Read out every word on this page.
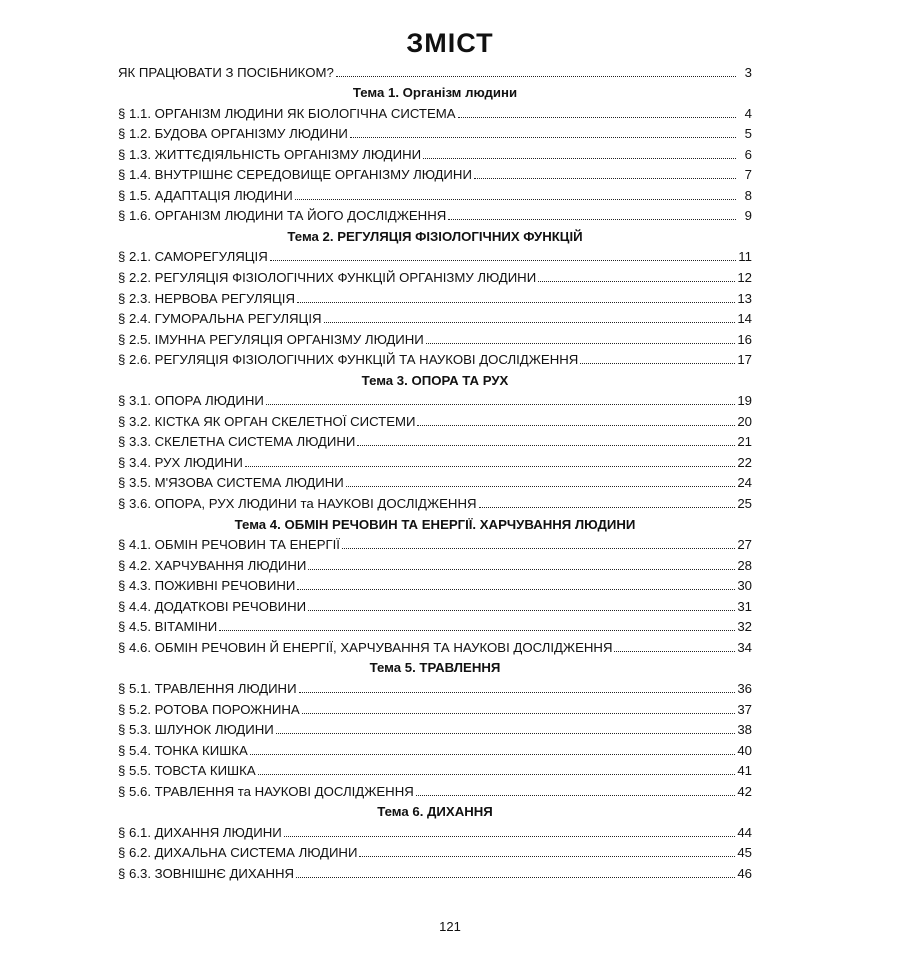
ЗМІСТ
ЯК ПРАЦЮВАТИ З ПОСІБНИКОМ?	3
Тема 1. Організм людини
§ 1.1. ОРГАНІЗМ ЛЮДИНИ ЯК БІОЛОГІЧНА СИСТЕМА	4
§ 1.2. БУДОВА ОРГАНІЗМУ ЛЮДИНИ	5
§ 1.3. ЖИТТЄДІЯЛЬНІСТЬ ОРГАНІЗМУ ЛЮДИНИ	6
§ 1.4. ВНУТРІШНЄ СЕРЕДОВИЩЕ ОРГАНІЗМУ ЛЮДИНИ	7
§ 1.5. АДАПТАЦІЯ ЛЮДИНИ	8
§ 1.6. ОРГАНІЗМ ЛЮДИНИ ТА ЙОГО ДОСЛІДЖЕННЯ	9
Тема 2. РЕГУЛЯЦІЯ ФІЗІОЛОГІЧНИХ ФУНКЦІЙ
§ 2.1. САМОРЕГУЛЯЦІЯ	11
§ 2.2. РЕГУЛЯЦІЯ ФІЗІОЛОГІЧНИХ ФУНКЦІЙ ОРГАНІЗМУ ЛЮДИНИ	12
§ 2.3. НЕРВОВА РЕГУЛЯЦІЯ	13
§ 2.4. ГУМОРАЛЬНА РЕГУЛЯЦІЯ	14
§ 2.5. ІМУННА РЕГУЛЯЦІЯ ОРГАНІЗМУ ЛЮДИНИ	16
§ 2.6. РЕГУЛЯЦІЯ ФІЗІОЛОГІЧНИХ ФУНКЦІЙ ТА НАУКОВІ ДОСЛІДЖЕННЯ	17
Тема 3. ОПОРА ТА РУХ
§ 3.1. ОПОРА ЛЮДИНИ	19
§ 3.2. КІСТКА ЯК ОРГАН СКЕЛЕТНОЇ СИСТЕМИ	20
§ 3.3. СКЕЛЕТНА СИСТЕМА ЛЮДИНИ	21
§ 3.4. РУХ ЛЮДИНИ	22
§ 3.5. М'ЯЗОВА СИСТЕМА ЛЮДИНИ	24
§ 3.6. ОПОРА, РУХ ЛЮДИНИ та НАУКОВІ ДОСЛІДЖЕННЯ	25
Тема 4. ОБМІН РЕЧОВИН ТА ЕНЕРГІЇ. ХАРЧУВАННЯ ЛЮДИНИ
§ 4.1. ОБМІН РЕЧОВИН ТА ЕНЕРГІЇ	27
§ 4.2. ХАРЧУВАННЯ ЛЮДИНИ	28
§ 4.3. ПОЖИВНІ РЕЧОВИНИ	30
§ 4.4. ДОДАТКОВІ РЕЧОВИНИ	31
§ 4.5. ВІТАМІНИ	32
§ 4.6. ОБМІН РЕЧОВИН Й ЕНЕРГІЇ, ХАРЧУВАННЯ ТА НАУКОВІ ДОСЛІДЖЕННЯ	34
Тема 5. ТРАВЛЕННЯ
§ 5.1. ТРАВЛЕННЯ ЛЮДИНИ	36
§ 5.2. РОТОВА ПОРОЖНИНА	37
§ 5.3. ШЛУНОК ЛЮДИНИ	38
§ 5.4. ТОНКА КИШКА	40
§ 5.5. ТОВСТА КИШКА	41
§ 5.6. ТРАВЛЕННЯ та НАУКОВІ ДОСЛІДЖЕННЯ	42
Тема 6. ДИХАННЯ
§ 6.1. ДИХАННЯ ЛЮДИНИ	44
§ 6.2. ДИХАЛЬНА СИСТЕМА ЛЮДИНИ	45
§ 6.3. ЗОВНІШНЄ ДИХАННЯ	46
121
